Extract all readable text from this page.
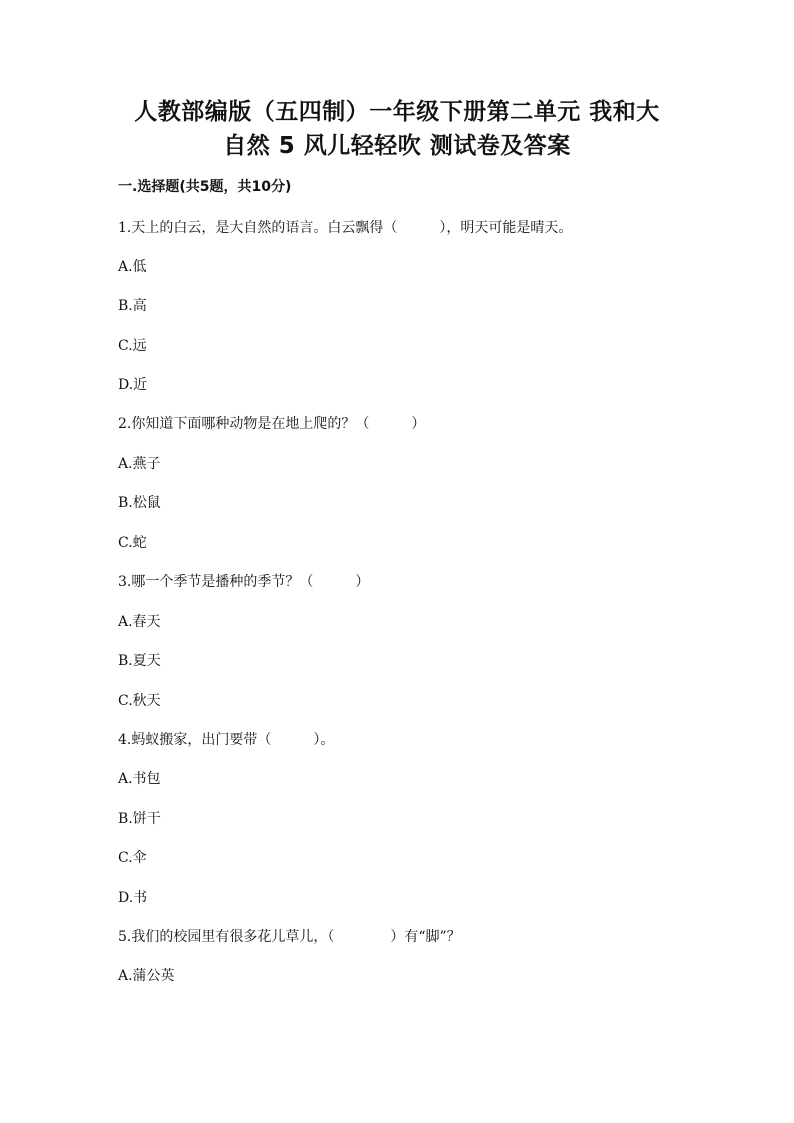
人教部编版（五四制）一年级下册第二单元 我和大
自然 5 风儿轻轻吹 测试卷及答案
一.选择题(共5题，共10分)
1.天上的白云，是大自然的语言。白云飘得（　　　），明天可能是晴天。
A.低
B.高
C.远
D.近
2.你知道下面哪种动物是在地上爬的？（　　　）
A.燕子
B.松鼠
C.蛇
3.哪一个季节是播种的季节？（　　　）
A.春天
B.夏天
C.秋天
4.蚂蚁搬家，出门要带（　　　）。
A.书包
B.饼干
C.伞
D.书
5.我们的校园里有很多花儿草儿，（　　　　）有“脚”？
A.蒲公英
